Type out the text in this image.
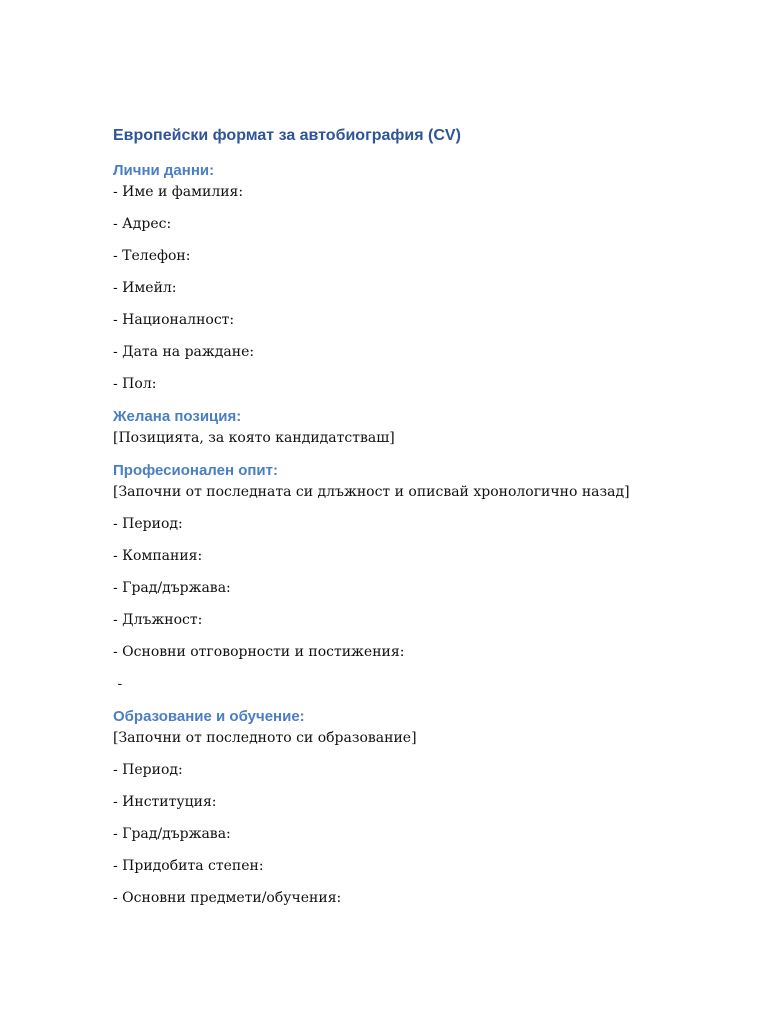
Европейски формат за автобиография (CV)
Лични данни:

- Име и фамилия:

- Адрес:

- Телефон:

- Имейл:

- Националност:

- Дата на раждане:

- Пол:

Желана позиция:

[Позицията, за която кандидатстваш]

Професионален опит:

[Започни от последната си длъжност и описвай хронологично назад]

- Период:

- Компания:

- Град/държава:

- Длъжност:

- Основни отговорности и постижения:

-

Образование и обучение:

[Започни от последното си образование]

- Период:

- Институция:

- Град/държава:

- Придобита степен:

- Основни предмети/обучения:
